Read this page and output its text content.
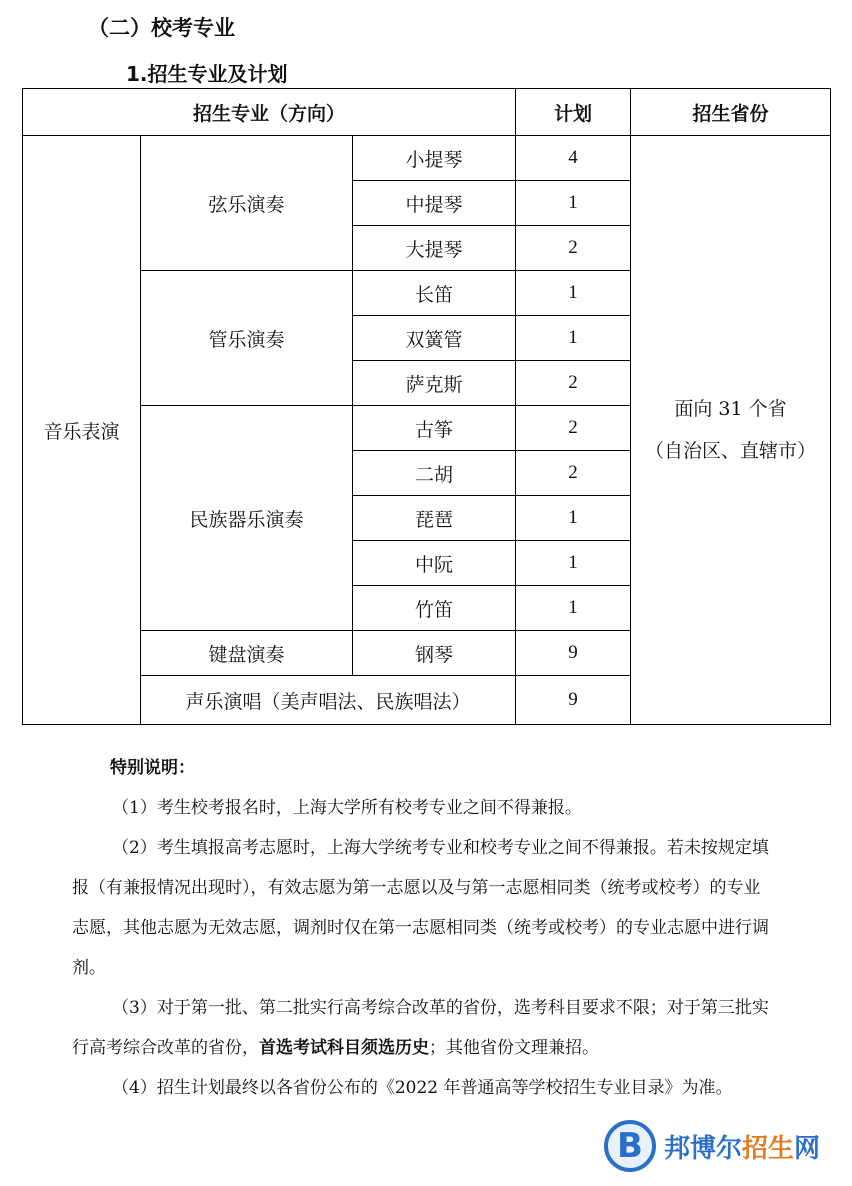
（二）校考专业
1.招生专业及计划
招生专业（方向）			计划	招生省份
音乐表演	弦乐演奏	小提琴	4	面向 31 个省
（自治区、直辖市）
		中提琴	1	
		大提琴	2	
	管乐演奏	长笛	1	
		双簧管	1	
		萨克斯	2	
	民族器乐演奏	古筝	2	
		二胡	2	
		琵琶	1	
		中阮	1	
		竹笛	1	
	键盘演奏	钢琴	9	
	声乐演唱（美声唱法、民族唱法）		9	

特别说明：

（1）考生校考报名时，上海大学所有校考专业之间不得兼报。

（2）考生填报高考志愿时，上海大学统考专业和校考专业之间不得兼报。若未按规定填报（有兼报情况出现时），有效志愿为第一志愿以及与第一志愿相同类（统考或校考）的专业志愿，其他志愿为无效志愿，调剂时仅在第一志愿相同类（统考或校考）的专业志愿中进行调剂。

（3）对于第一批、第二批实行高考综合改革的省份，选考科目要求不限；对于第三批实行高考综合改革的省份，首选考试科目须选历史；其他省份文理兼招。

（4）招生计划最终以各省份公布的《2022 年普通高等学校招生专业目录》为准。

B 邦博尔招生网
